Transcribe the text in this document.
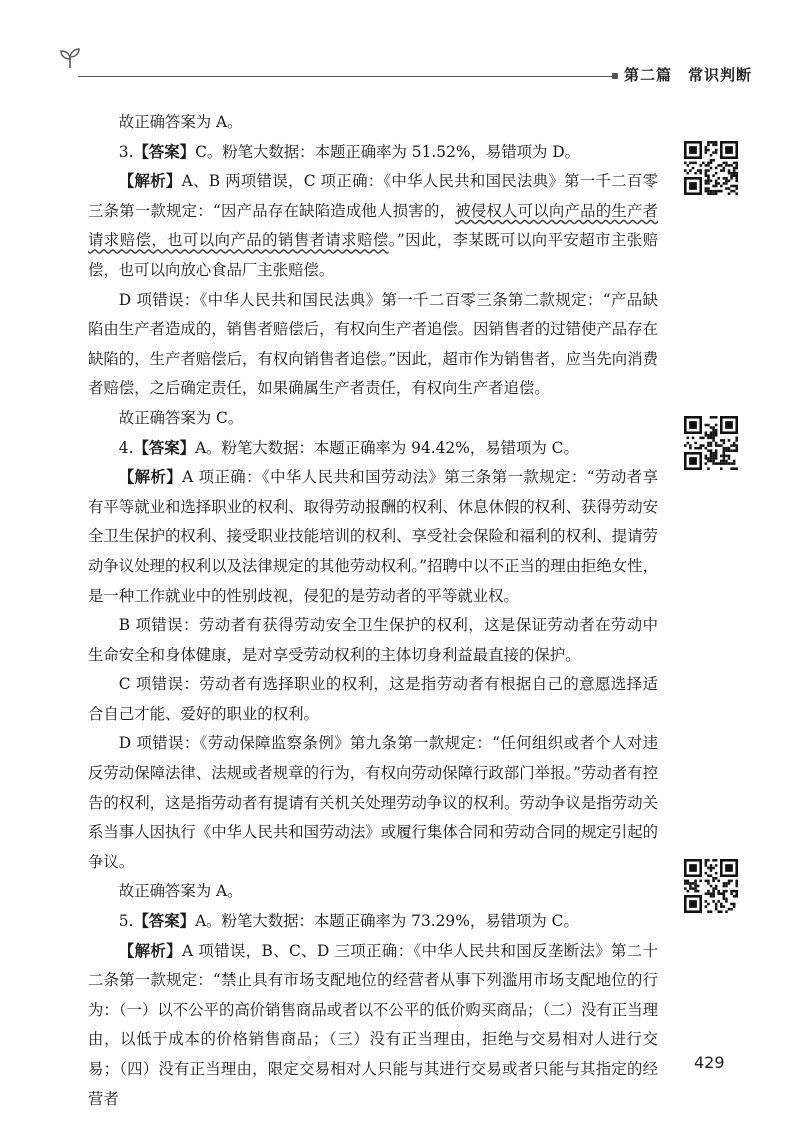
第二篇　常识判断

故正确答案为 A。

3.【答案】C。粉笔大数据：本题正确率为 51.52%，易错项为 D。

【解析】A、B 两项错误，C 项正确：《中华人民共和国民法典》第一千二百零三条第一款规定：“因产品存在缺陷造成他人损害的，被侵权人可以向产品的生产者请求赔偿，也可以向产品的销售者请求赔偿。”因此，李某既可以向平安超市主张赔偿，也可以向放心食品厂主张赔偿。

D 项错误：《中华人民共和国民法典》第一千二百零三条第二款规定：“产品缺陷由生产者造成的，销售者赔偿后，有权向生产者追偿。因销售者的过错使产品存在缺陷的，生产者赔偿后，有权向销售者追偿。”因此，超市作为销售者，应当先向消费者赔偿，之后确定责任，如果确属生产者责任，有权向生产者追偿。

故正确答案为 C。

4.【答案】A。粉笔大数据：本题正确率为 94.42%，易错项为 C。

【解析】A 项正确：《中华人民共和国劳动法》第三条第一款规定：“劳动者享有平等就业和选择职业的权利、取得劳动报酬的权利、休息休假的权利、获得劳动安全卫生保护的权利、接受职业技能培训的权利、享受社会保险和福利的权利、提请劳动争议处理的权利以及法律规定的其他劳动权利。”招聘中以不正当的理由拒绝女性，是一种工作就业中的性别歧视，侵犯的是劳动者的平等就业权。

B 项错误：劳动者有获得劳动安全卫生保护的权利，这是保证劳动者在劳动中生命安全和身体健康，是对享受劳动权利的主体切身利益最直接的保护。

C 项错误：劳动者有选择职业的权利，这是指劳动者有根据自己的意愿选择适合自己才能、爱好的职业的权利。

D 项错误：《劳动保障监察条例》第九条第一款规定：“任何组织或者个人对违反劳动保障法律、法规或者规章的行为，有权向劳动保障行政部门举报。”劳动者有控告的权利，这是指劳动者有提请有关机关处理劳动争议的权利。劳动争议是指劳动关系当事人因执行《中华人民共和国劳动法》或履行集体合同和劳动合同的规定引起的争议。

故正确答案为 A。

5.【答案】A。粉笔大数据：本题正确率为 73.29%，易错项为 C。

【解析】A 项错误，B、C、D 三项正确：《中华人民共和国反垄断法》第二十二条第一款规定：“禁止具有市场支配地位的经营者从事下列滥用市场支配地位的行为：（一）以不公平的高价销售商品或者以不公平的低价购买商品；（二）没有正当理由，以低于成本的价格销售商品；（三）没有正当理由，拒绝与交易相对人进行交易；（四）没有正当理由，限定交易相对人只能与其进行交易或者只能与其指定的经营者

429
